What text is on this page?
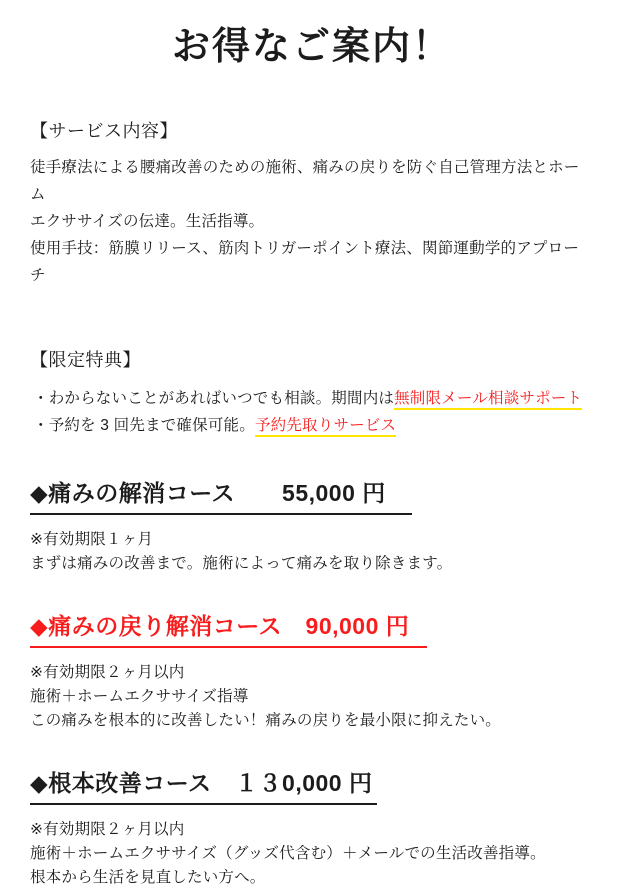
お得なご案内！
【サービス内容】
徒手療法による腰痛改善のための施術、痛みの戻りを防ぐ自己管理方法とホーム
エクササイズの伝達。生活指導。
使用手技：筋膜リリース、筋肉トリガーポイント療法、関節運動学的アプローチ
【限定特典】
・わからないことがあればいつでも相談。期間内は無制限メール相談サポート
・予約を 3 回先まで確保可能。予約先取りサービス
◆痛みの解消コース　　55,000 円
※有効期限１ヶ月
まずは痛みの改善まで。施術によって痛みを取り除きます。
◆痛みの戻り解消コース　90,000 円
※有効期限２ヶ月以内
施術＋ホームエクササイズ指導
この痛みを根本的に改善したい！痛みの戻りを最小限に抑えたい。
◆根本改善コース　１３0,000 円
※有効期限２ヶ月以内
施術＋ホームエクササイズ（グッズ代含む）＋メールでの生活改善指導。
根本から生活を見直したい方へ。
